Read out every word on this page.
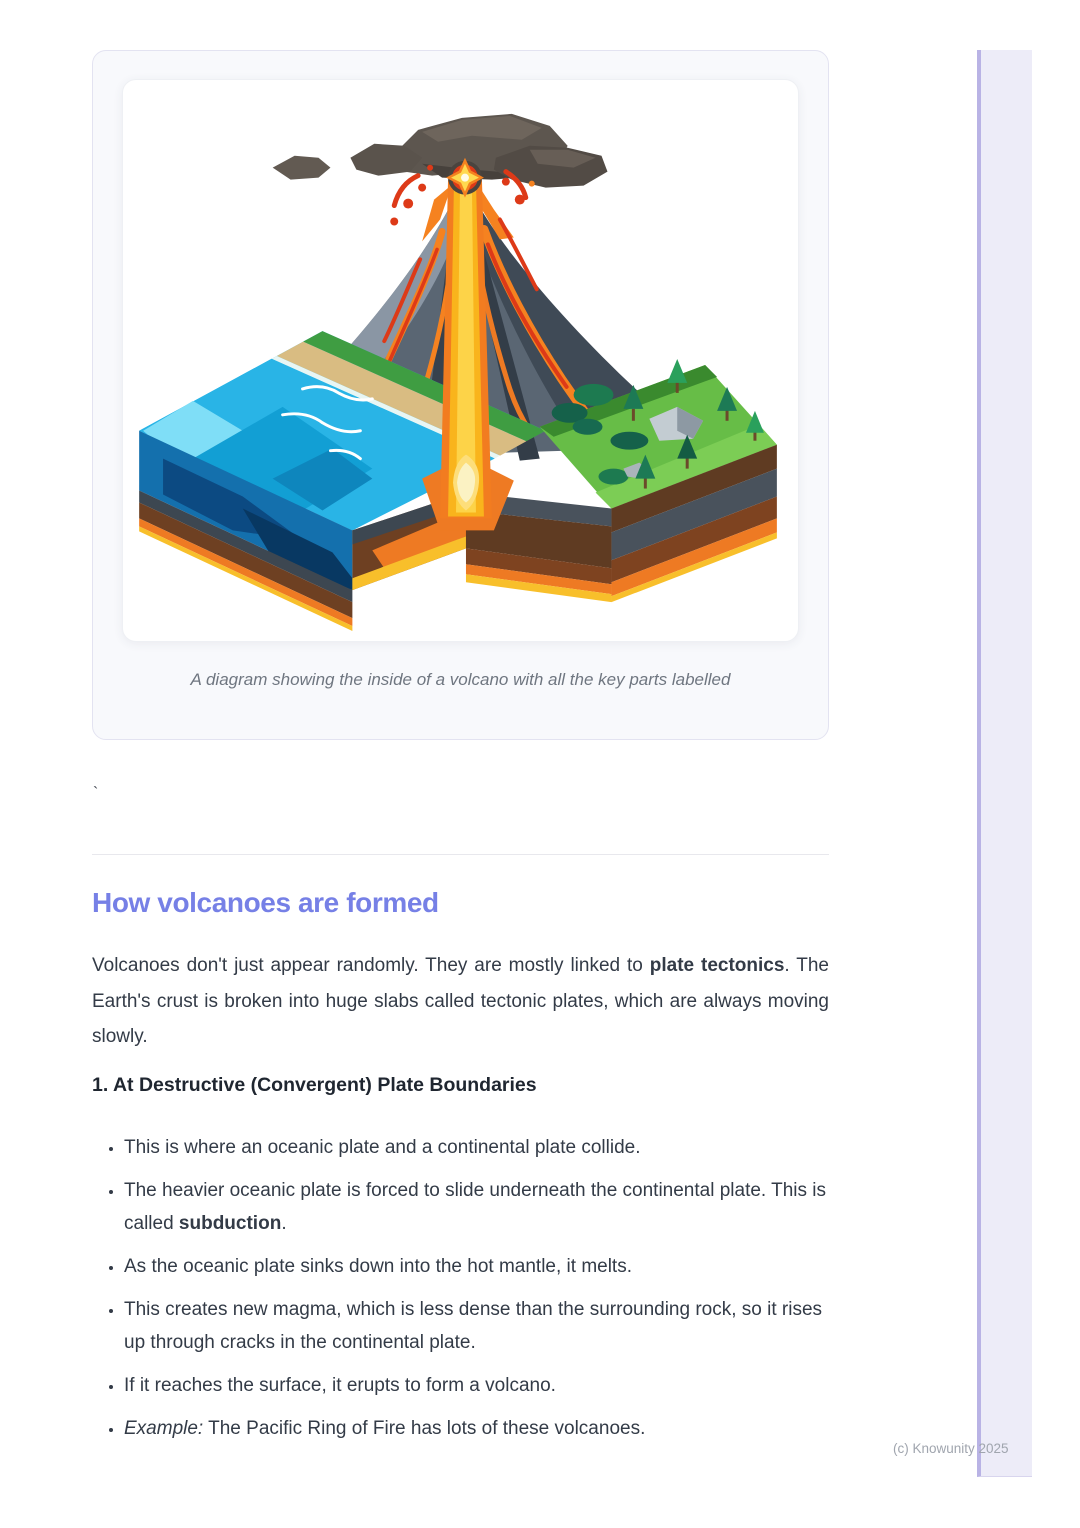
A diagram showing the inside of a volcano with all the key parts labelled
`
How volcanoes are formed

Volcanoes don't just appear randomly. They are mostly linked to plate tectonics. The Earth's crust is broken into huge slabs called tectonic plates, which are always moving slowly.

1. At Destructive (Convergent) Plate Boundaries
• This is where an oceanic plate and a continental plate collide.
• The heavier oceanic plate is forced to slide underneath the continental plate. This is called subduction.
• As the oceanic plate sinks down into the hot mantle, it melts.
• This creates new magma, which is less dense than the surrounding rock, so it rises up through cracks in the continental plate.
• If it reaches the surface, it erupts to form a volcano.
• Example: The Pacific Ring of Fire has lots of these volcanoes.
(c) Knowunity 2025
